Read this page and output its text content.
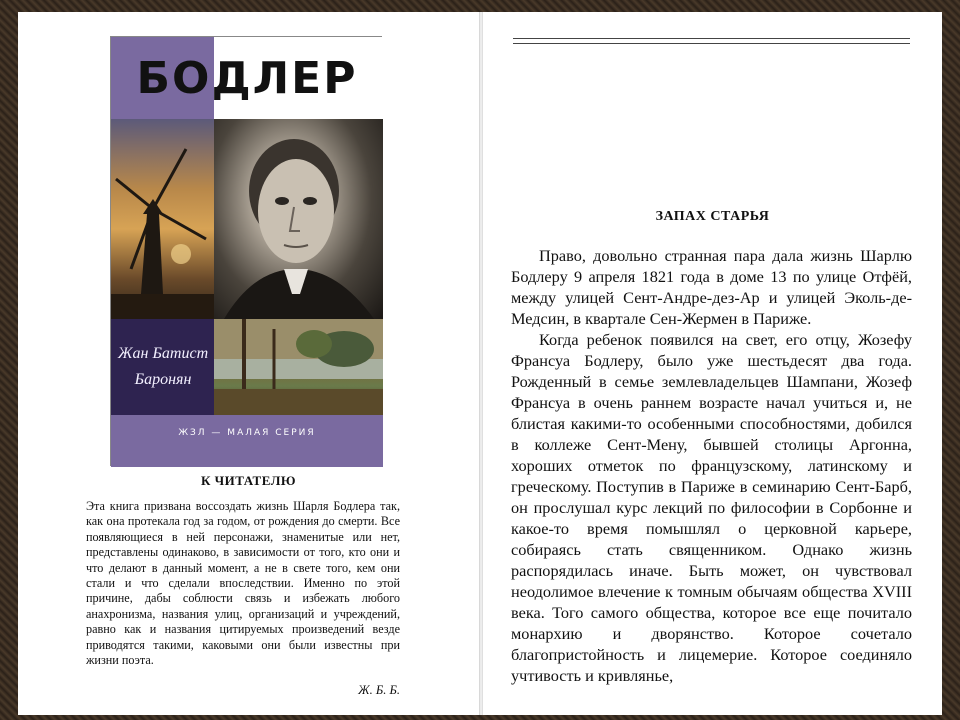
БОДЛЕР
Жан Батист
Баронян
ЖЗЛ — МАЛАЯ СЕРИЯ
К ЧИТАТЕЛЮ
Эта книга призвана воссоздать жизнь Шарля Бодлера так, как она протекала год за годом, от рождения до смерти. Все появляющиеся в ней персонажи, знаменитые или нет, представлены одинаково, в зависимости от того, кто они и что делают в данный момент, а не в свете того, кем они стали и что сделали впоследствии. Именно по этой причине, дабы соблюсти связь и избежать любого анахронизма, названия улиц, организаций и учреждений, равно как и названия цитируемых произведений везде приводятся такими, каковыми они были известны при жизни поэта.
Ж. Б. Б.
ЗАПАХ СТАРЬЯ

Право, довольно странная пара дала жизнь Шарлю Бодлеру 9 апреля 1821 года в доме 13 по улице Отфёй, между улицей Сент-Андре-дез-Ар и улицей Эколь-де-Медсин, в квартале Сен-Жермен в Париже.

Когда ребенок появился на свет, его отцу, Жозефу Франсуа Бодлеру, было уже шестьдесят два года. Рожденный в семье землевладельцев Шампани, Жозеф Франсуа в очень раннем возрасте начал учиться и, не блистая какими-то особенными способностями, добился в коллеже Сент-Мену, бывшей столицы Аргонна, хороших отметок по французскому, латинскому и греческому. Поступив в Париже в семинарию Сент-Барб, он прослушал курс лекций по философии в Сорбонне и какое-то время помышлял о церковной карьере, собираясь стать священником. Однако жизнь распорядилась иначе. Быть может, он чувствовал неодолимое влечение к томным обычаям общества XVIII века. Того самого общества, которое все еще почитало монархию и дворянство. Которое сочетало благопристойность и лицемерие. Которое соединяло учтивость и кривлянье,
